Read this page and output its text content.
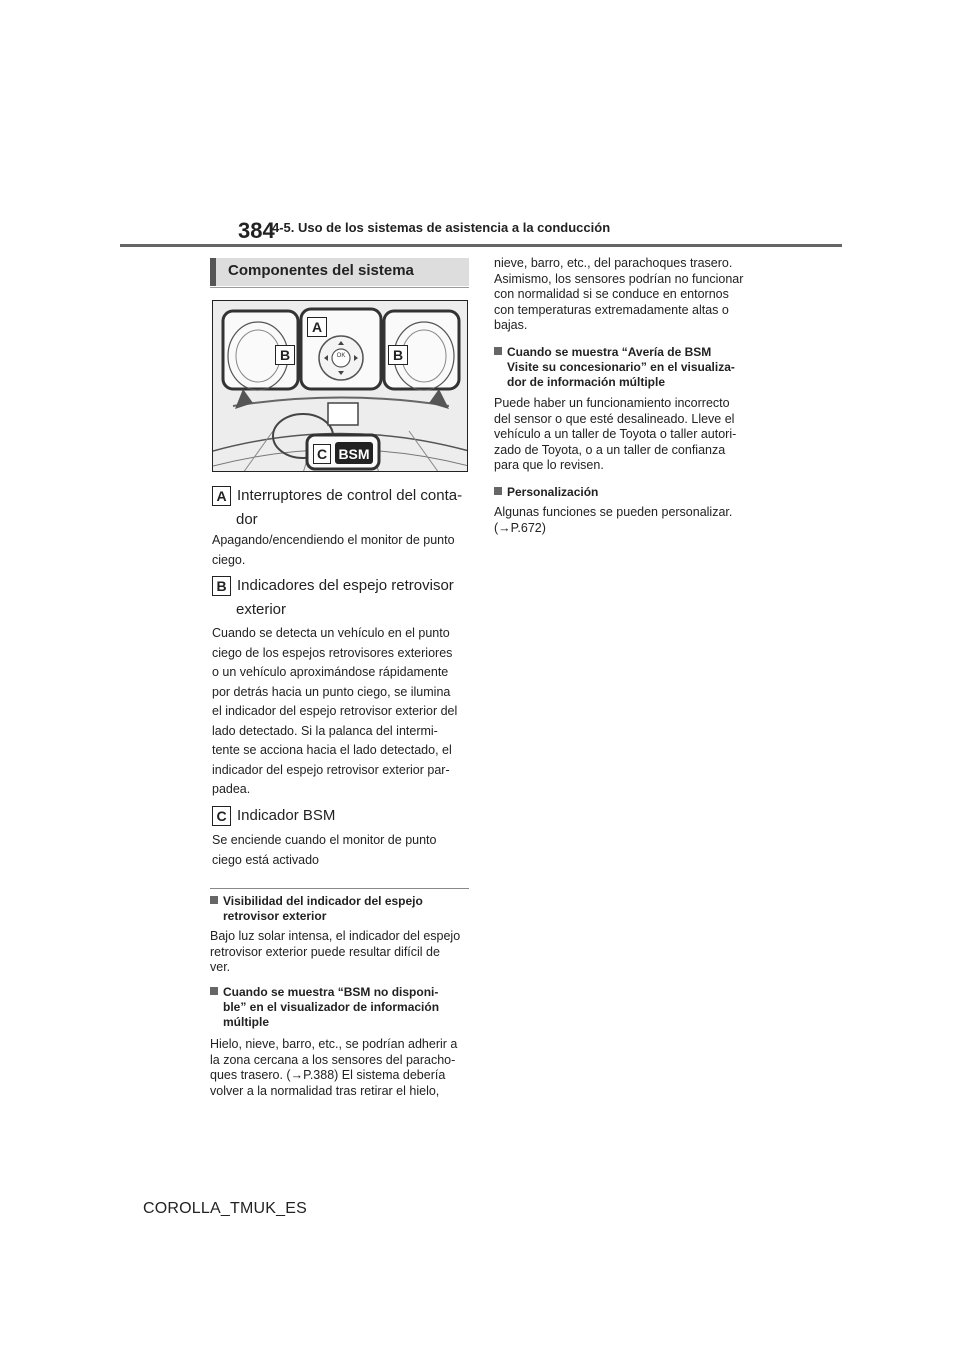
384
4-5. Uso de los sistemas de asistencia a la conducción
Componentes del sistema
A
B	B
C BSM
OK
A Interruptores de control del conta-
dor
Apagando/encendiendo el monitor de punto
ciego.
B Indicadores del espejo retrovisor
exterior
Cuando se detecta un vehículo en el punto
ciego de los espejos retrovisores exteriores
o un vehículo aproximándose rápidamente
por detrás hacia un punto ciego, se ilumina
el indicador del espejo retrovisor exterior del
lado detectado. Si la palanca del intermi-
tente se acciona hacia el lado detectado, el
indicador del espejo retrovisor exterior par-
padea.
C Indicador BSM
Se enciende cuando el monitor de punto
ciego está activado
Visibilidad del indicador del espejo
retrovisor exterior
Bajo luz solar intensa, el indicador del espejo
retrovisor exterior puede resultar difícil de
ver.
Cuando se muestra “BSM no disponi-
ble” en el visualizador de información
múltiple
Hielo, nieve, barro, etc., se podrían adherir a
la zona cercana a los sensores del paracho-
ques trasero. (→P.388) El sistema debería
volver a la normalidad tras retirar el hielo,
nieve, barro, etc., del parachoques trasero.
Asimismo, los sensores podrían no funcionar
con normalidad si se conduce en entornos
con temperaturas extremadamente altas o
bajas.
Cuando se muestra “Avería de BSM
Visite su concesionario” en el visualiza-
dor de información múltiple
Puede haber un funcionamiento incorrecto
del sensor o que esté desalineado. Lleve el
vehículo a un taller de Toyota o taller autori-
zado de Toyota, o a un taller de confianza
para que lo revisen.
Personalización
Algunas funciones se pueden personalizar.
(→P.672)
COROLLA_TMUK_ES
